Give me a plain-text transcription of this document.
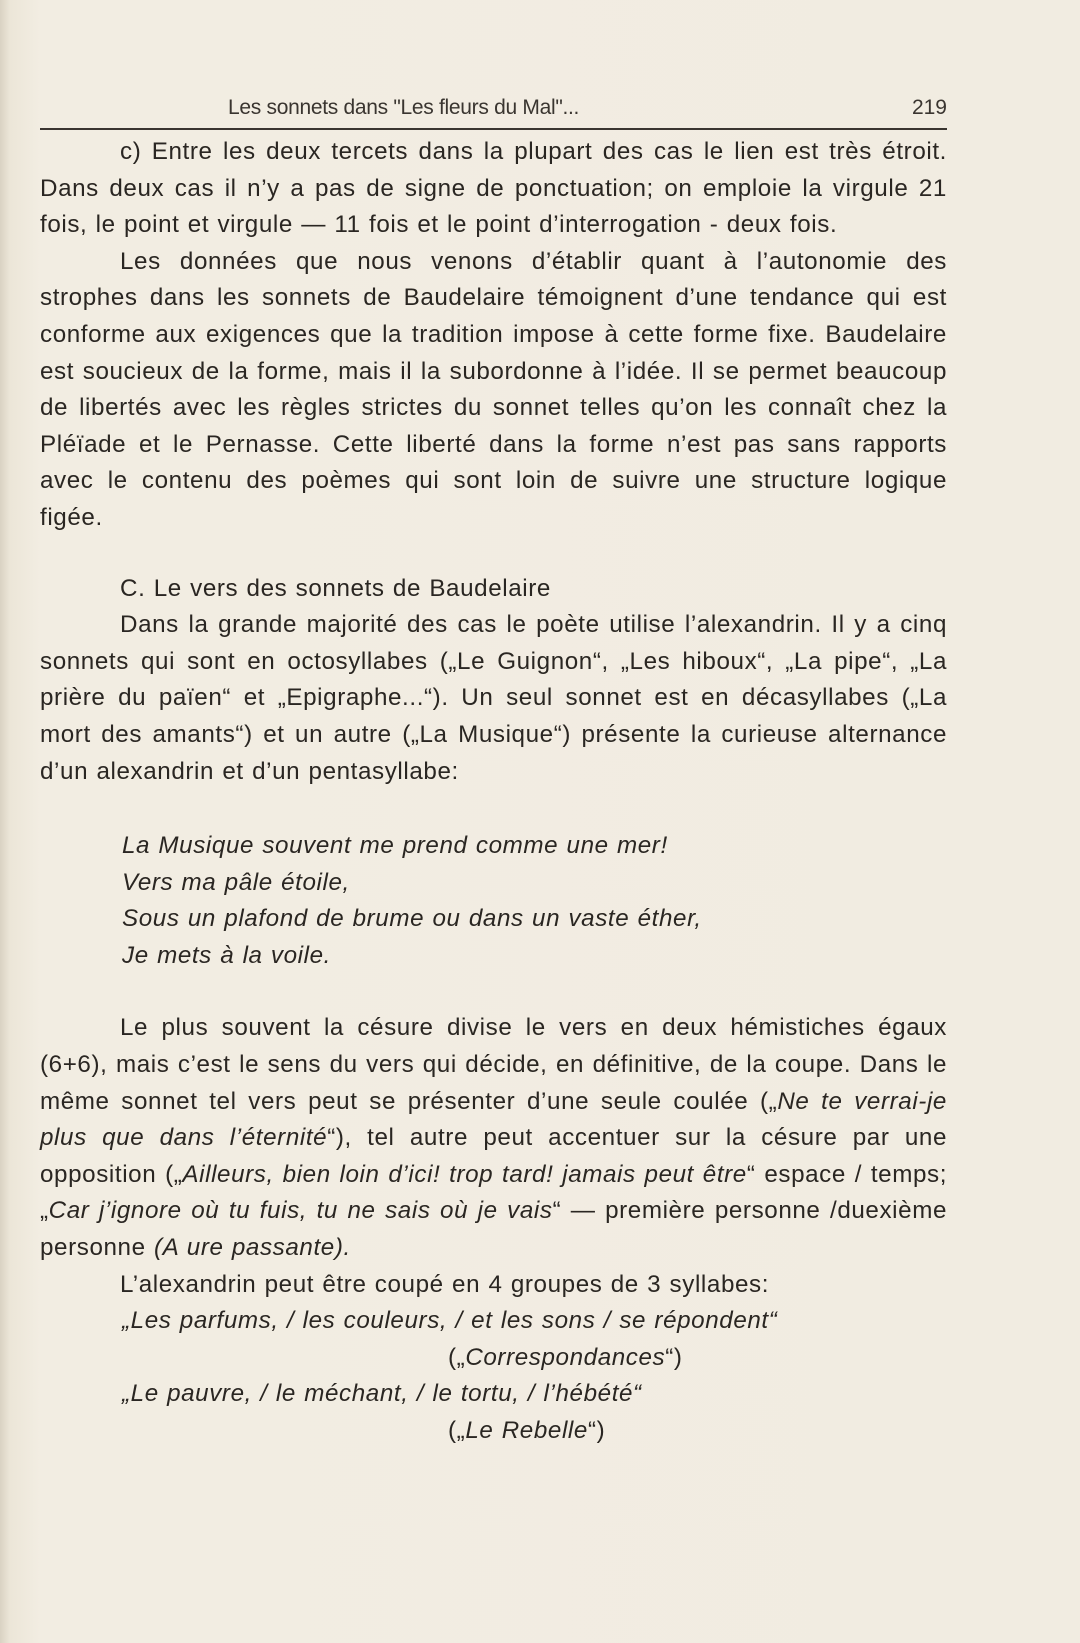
Les sonnets dans "Les fleurs du Mal"...	219

c) Entre les deux tercets dans la plupart des cas le lien est très étroit. Dans deux cas il n’y a pas de signe de ponctuation; on emploie la virgule 21 fois, le point et virgule — 11 fois et le point d’interrogation - deux fois.

Les données que nous venons d’établir quant à l’autonomie des strophes dans les sonnets de Baudelaire témoignent d’une tendance qui est conforme aux exigences que la tradition impose à cette forme fixe. Baudelaire est soucieux de la forme, mais il la subordonne à l’idée. Il se permet beaucoup de libertés avec les règles strictes du sonnet telles qu’on les connaît chez la Pléïade et le Pernasse. Cette liberté dans la forme n’est pas sans rapports avec le contenu des poèmes qui sont loin de suivre une structure logique figée.

C. Le vers des sonnets de Baudelaire

Dans la grande majorité des cas le poète utilise l’alexandrin. Il y a cinq sonnets qui sont en octosyllabes („Le Guignon“, „Les hiboux“, „La pipe“, „La prière du païen“ et „Epigraphe...“). Un seul sonnet est en décasyllabes („La mort des amants“) et un autre („La Musique“) présente la curieuse alternance d’un alexandrin et d’un pentasyllabe:

La Musique souvent me prend comme une mer!
Vers ma pâle étoile,
Sous un plafond de brume ou dans un vaste éther,
Je mets à la voile.

Le plus souvent la césure divise le vers en deux hémistiches égaux (6+6), mais c’est le sens du vers qui décide, en définitive, de la coupe. Dans le même sonnet tel vers peut se présenter d’une seule coulée („Ne te verrai-je plus que dans l’éternité“), tel autre peut accentuer sur la césure par une opposition („Ailleurs, bien loin d’ici! trop tard! jamais peut être“ espace / temps; „Car j’ignore où tu fuis, tu ne sais où je vais“ — première personne /duexième personne (A ure passante).

L’alexandrin peut être coupé en 4 groupes de 3 syllabes:

„Les parfums, / les couleurs, / et les sons / se répondent“
(„Correspondances“)
„Le pauvre, / le méchant, / le tortu, / l’hébété“
(„Le Rebelle“)
